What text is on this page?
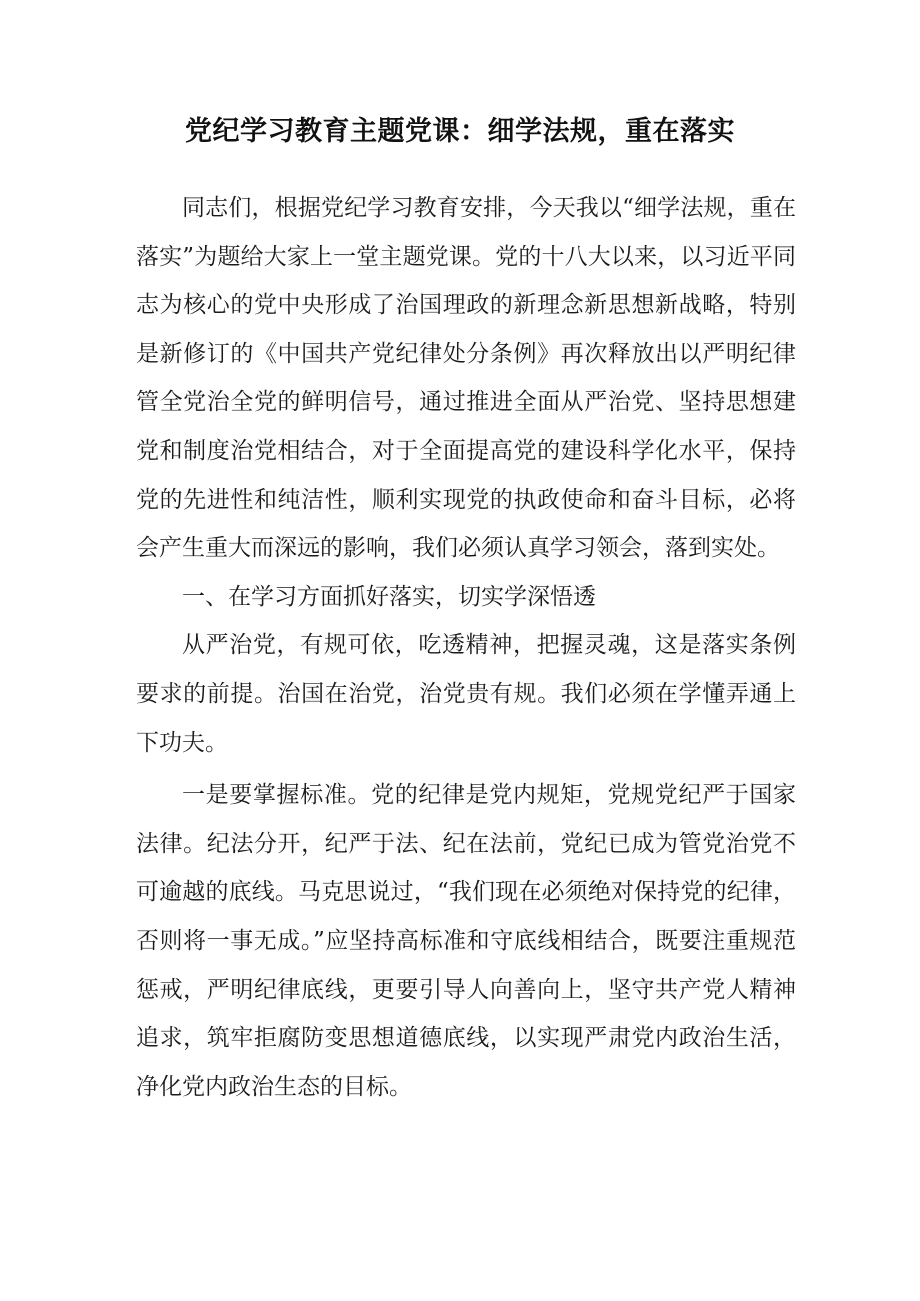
党纪学习教育主题党课：细学法规，重在落实

同志们，根据党纪学习教育安排，今天我以“细学法规，重在落实”为题给大家上一堂主题党课。党的十八大以来，以习近平同志为核心的党中央形成了治国理政的新理念新思想新战略，特别是新修订的《中国共产党纪律处分条例》再次释放出以严明纪律管全党治全党的鲜明信号，通过推进全面从严治党、坚持思想建党和制度治党相结合，对于全面提高党的建设科学化水平，保持党的先进性和纯洁性，顺利实现党的执政使命和奋斗目标，必将会产生重大而深远的影响，我们必须认真学习领会，落到实处。

一、在学习方面抓好落实，切实学深悟透

从严治党，有规可依，吃透精神，把握灵魂，这是落实条例要求的前提。治国在治党，治党贵有规。我们必须在学懂弄通上下功夫。

一是要掌握标准。党的纪律是党内规矩，党规党纪严于国家法律。纪法分开，纪严于法、纪在法前，党纪已成为管党治党不可逾越的底线。马克思说过，“我们现在必须绝对保持党的纪律，否则将一事无成。”应坚持高标准和守底线相结合，既要注重规范惩戒，严明纪律底线，更要引导人向善向上，坚守共产党人精神追求，筑牢拒腐防变思想道德底线，以实现严肃党内政治生活，净化党内政治生态的目标。
